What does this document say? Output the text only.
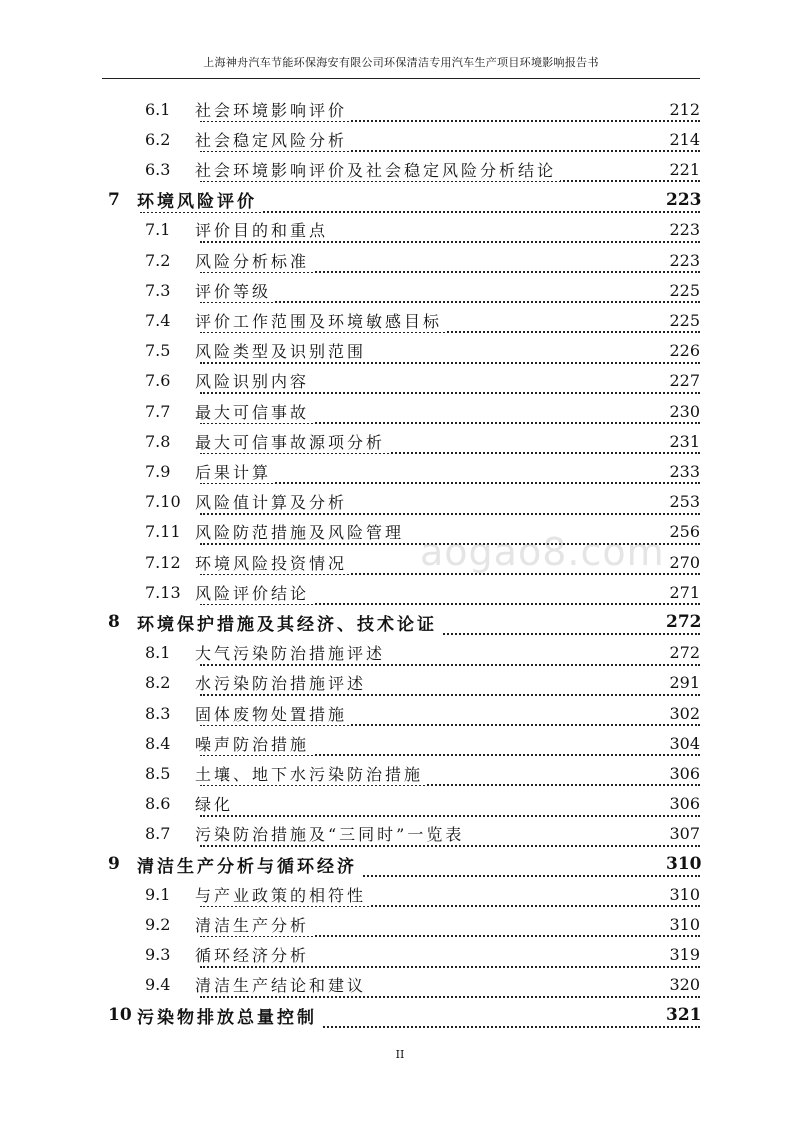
上海神舟汽车节能环保海安有限公司环保清洁专用汽车生产项目环境影响报告书
6.1 社会环境影响评价	212
6.2 社会稳定风险分析	214
6.3 社会环境影响评价及社会稳定风险分析结论	221
7 环境风险评价	223
7.1 评价目的和重点	223
7.2 风险分析标准	223
7.3 评价等级	225
7.4 评价工作范围及环境敏感目标	225
7.5 风险类型及识别范围	226
7.6 风险识别内容	227
7.7 最大可信事故	230
7.8 最大可信事故源项分析	231
7.9 后果计算	233
7.10 风险值计算及分析	253
7.11 风险防范措施及风险管理	256
7.12 环境风险投资情况	270
7.13 风险评价结论	271
8 环境保护措施及其经济、技术论证	272
8.1 大气污染防治措施评述	272
8.2 水污染防治措施评述	291
8.3 固体废物处置措施	302
8.4 噪声防治措施	304
8.5 土壤、地下水污染防治措施	306
8.6 绿化	306
8.7 污染防治措施及“三同时”一览表	307
9 清洁生产分析与循环经济	310
9.1 与产业政策的相符性	310
9.2 清洁生产分析	310
9.3 循环经济分析	319
9.4 清洁生产结论和建议	320
10 污染物排放总量控制	321
aogao8.com
II
